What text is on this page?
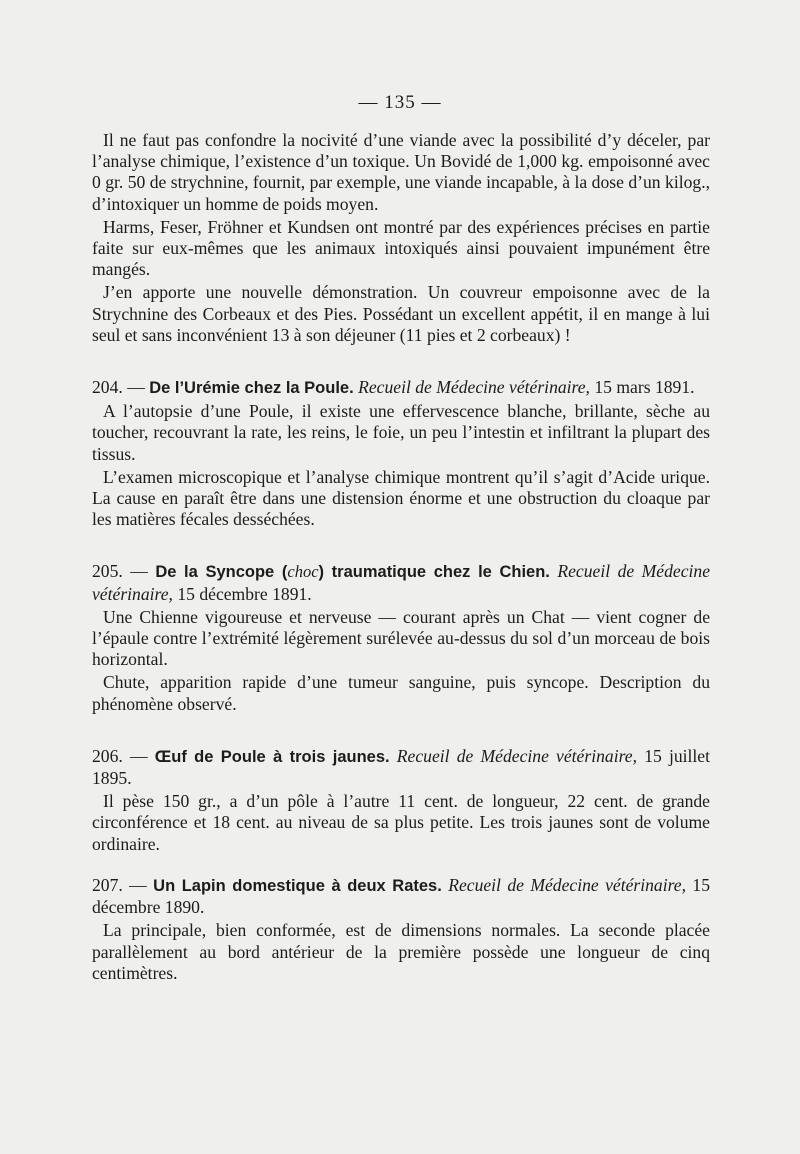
— 135 —

Il ne faut pas confondre la nocivité d’une viande avec la possibilité d’y déceler, par l’analyse chimique, l’existence d’un toxique. Un Bovidé de 1,000 kg. empoisonné avec 0 gr. 50 de strychnine, fournit, par exemple, une viande incapable, à la dose d’un kilog., d’intoxiquer un homme de poids moyen.

Harms, Feser, Fröhner et Kundsen ont montré par des expériences précises en partie faite sur eux-mêmes que les animaux intoxiqués ainsi pouvaient impunément être mangés.

J’en apporte une nouvelle démonstration. Un couvreur empoisonne avec de la Strychnine des Corbeaux et des Pies. Possédant un excellent appétit, il en mange à lui seul et sans inconvénient 13 à son déjeuner (11 pies et 2 corbeaux) !

204. — De l’Urémie chez la Poule. Recueil de Médecine vétérinaire, 15 mars 1891.

A l’autopsie d’une Poule, il existe une effervescence blanche, brillante, sèche au toucher, recouvrant la rate, les reins, le foie, un peu l’intestin et infiltrant la plupart des tissus.

L’examen microscopique et l’analyse chimique montrent qu’il s’agit d’Acide urique. La cause en paraît être dans une distension énorme et une obstruction du cloaque par les matières fécales desséchées.

205. — De la Syncope (choc) traumatique chez le Chien. Recueil de Médecine vétérinaire, 15 décembre 1891.

Une Chienne vigoureuse et nerveuse — courant après un Chat — vient cogner de l’épaule contre l’extrémité légèrement surélevée au-dessus du sol d’un morceau de bois horizontal.

Chute, apparition rapide d’une tumeur sanguine, puis syncope. Description du phénomène observé.

206. — Œuf de Poule à trois jaunes. Recueil de Médecine vétérinaire, 15 juillet 1895.

Il pèse 150 gr., a d’un pôle à l’autre 11 cent. de longueur, 22 cent. de grande circonférence et 18 cent. au niveau de sa plus petite. Les trois jaunes sont de volume ordinaire.

207. — Un Lapin domestique à deux Rates. Recueil de Médecine vétérinaire, 15 décembre 1890.

La principale, bien conformée, est de dimensions normales. La seconde placée parallèlement au bord antérieur de la première possède une longueur de cinq centimètres.
